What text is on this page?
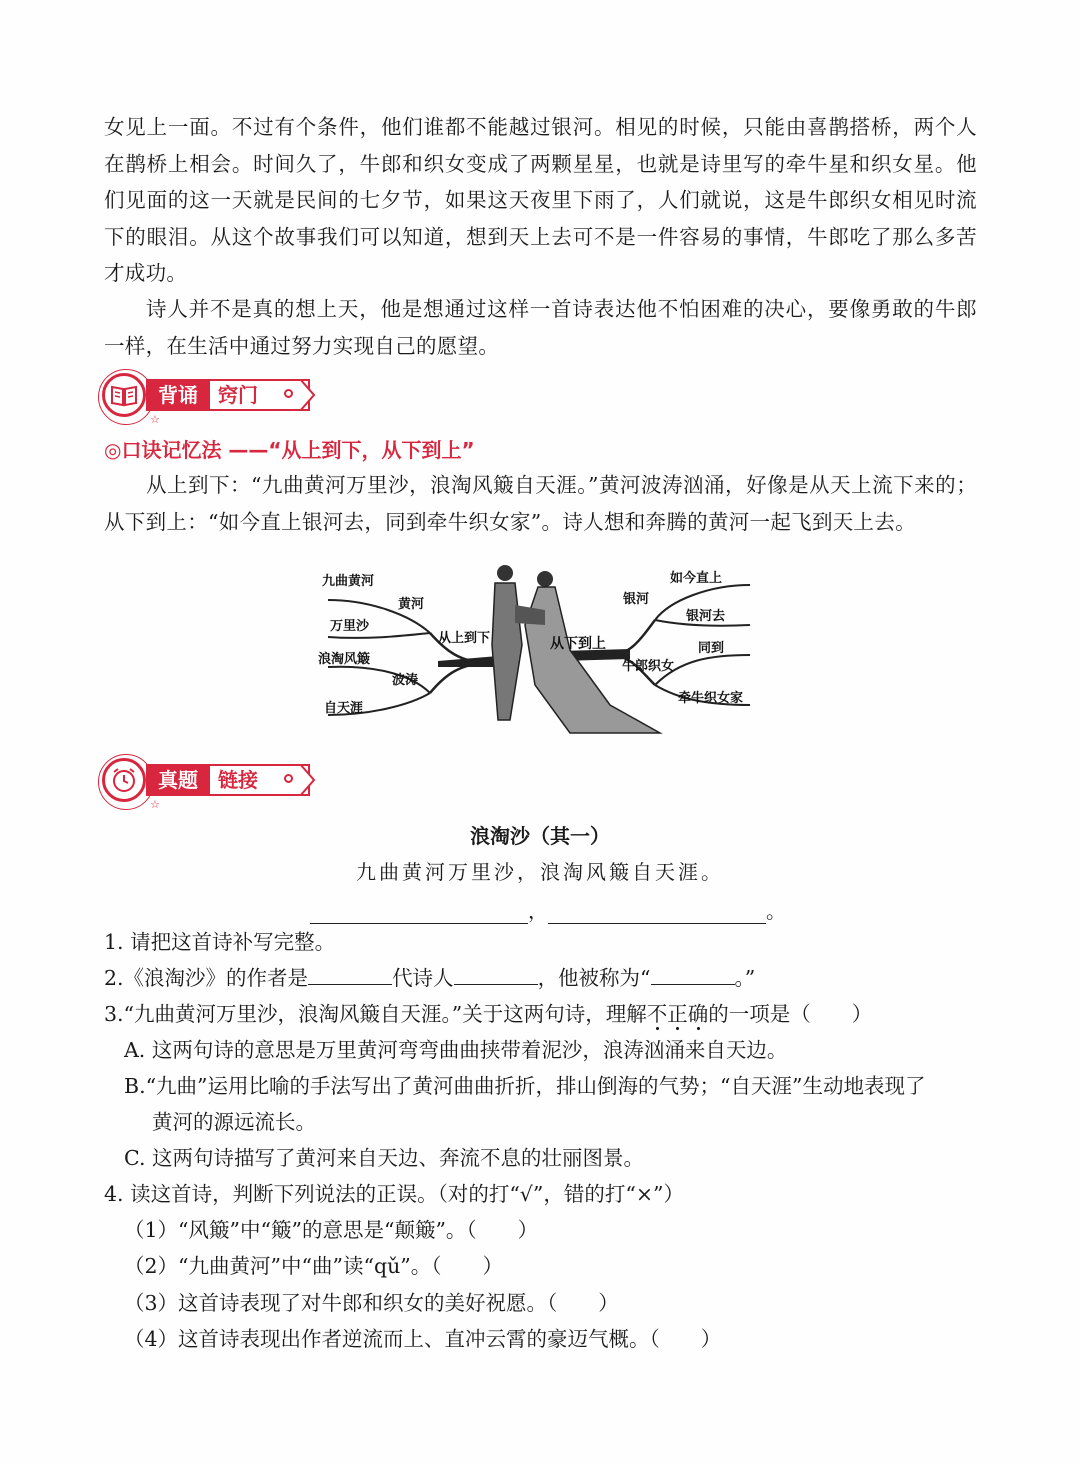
女见上一面。不过有个条件，他们谁都不能越过银河。相见的时候，只能由喜鹊搭桥，两个人在鹊桥上相会。时间久了，牛郎和织女变成了两颗星星，也就是诗里写的牵牛星和织女星。他们见面的这一天就是民间的七夕节，如果这天夜里下雨了，人们就说，这是牛郎织女相见时流下的眼泪。从这个故事我们可以知道，想到天上去可不是一件容易的事情，牛郎吃了那么多苦才成功。

诗人并不是真的想上天，他是想通过这样一首诗表达他不怕困难的决心，要像勇敢的牛郎一样，在生活中通过努力实现自己的愿望。

背诵	窍门
☆
◎口诀记忆法 ——“从上到下，从下到上”

从上到下：“九曲黄河万里沙，浪淘风簸自天涯。”黄河波涛汹涌，好像是从天上流下来的；从下到上：“如今直上银河去，同到牵牛织女家”。诗人想和奔腾的黄河一起飞到天上去。

九曲黄河
万里沙
浪淘风簸
自天涯
黄河
波涛
从上到下	从下到上
银河
牛郎织女
如今直上
银河去
同到
牵牛织女家
真题	链接
☆
浪淘沙（其一）
九曲黄河万里沙，浪淘风簸自天涯。
，	。

1. 请把这首诗补写完整。

2.《浪淘沙》的作者是	代诗人	，他被称为“	。”

3.“九曲黄河万里沙，浪淘风簸自天涯。”关于这两句诗，理解不正确的一项是（　　）

A. 这两句诗的意思是万里黄河弯弯曲曲挟带着泥沙，浪涛汹涌来自天边。

B.“九曲”运用比喻的手法写出了黄河曲曲折折，排山倒海的气势；“自天涯”生动地表现了

黄河的源远流长。

C. 这两句诗描写了黄河来自天边、奔流不息的壮丽图景。

4. 读这首诗，判断下列说法的正误。（对的打“√”，错的打“×”）

（1）“风簸”中“簸”的意思是“颠簸”。（　　）

（2）“九曲黄河”中“曲”读“qǔ”。（　　）

（3）这首诗表现了对牛郎和织女的美好祝愿。（　　）

（4）这首诗表现出作者逆流而上、直冲云霄的豪迈气概。（　　）
